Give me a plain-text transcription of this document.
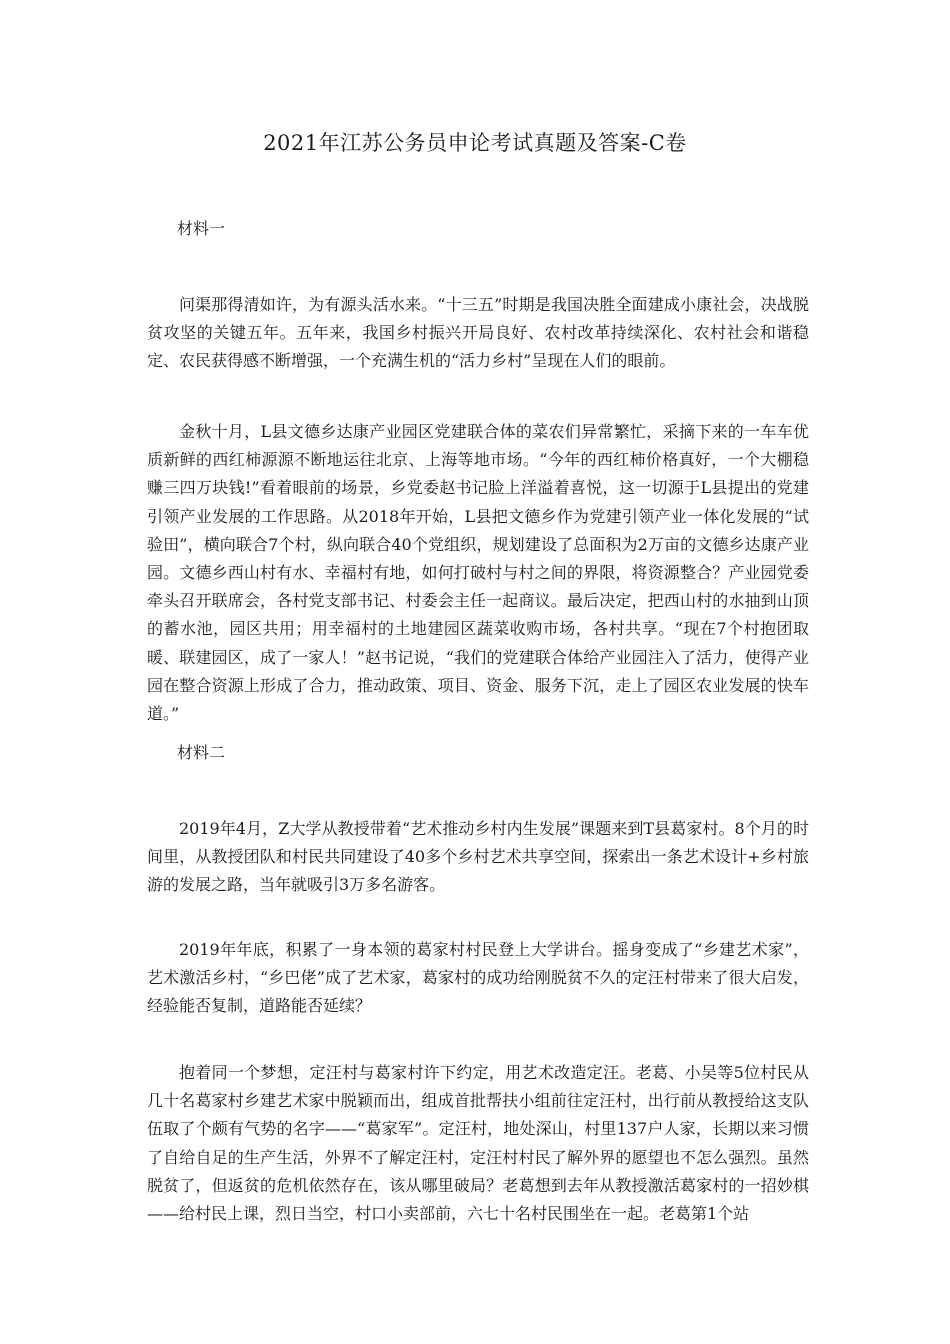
2021年江苏公务员申论考试真题及答案-C卷
材料一

问渠那得清如许，为有源头活水来。“十三五”时期是我国决胜全面建成小康社会，决战脱贫攻坚的关键五年。五年来，我国乡村振兴开局良好、农村改革持续深化、农村社会和谐稳定、农民获得感不断增强，一个充满生机的“活力乡村”呈现在人们的眼前。

金秋十月，L县文德乡达康产业园区党建联合体的菜农们异常繁忙，采摘下来的一车车优质新鲜的西红柿源源不断地运往北京、上海等地市场。“今年的西红柿价格真好，一个大棚稳赚三四万块钱!”看着眼前的场景，乡党委赵书记脸上洋溢着喜悦，这一切源于L县提出的党建引领产业发展的工作思路。从2018年开始，L县把文德乡作为党建引领产业一体化发展的“试验田”，横向联合7个村，纵向联合40个党组织，规划建设了总面积为2万亩的文德乡达康产业园。文德乡西山村有水、幸福村有地，如何打破村与村之间的界限，将资源整合？产业园党委牵头召开联席会，各村党支部书记、村委会主任一起商议。最后决定，把西山村的水抽到山顶的蓄水池，园区共用；用幸福村的土地建园区蔬菜收购市场，各村共享。“现在7个村抱团取暖、联建园区，成了一家人！”赵书记说，“我们的党建联合体给产业园注入了活力，使得产业园在整合资源上形成了合力，推动政策、项目、资金、服务下沉，走上了园区农业发展的快车道。”

材料二

2019年4月，Z大学从教授带着“艺术推动乡村内生发展”课题来到T县葛家村。8个月的时间里，从教授团队和村民共同建设了40多个乡村艺术共享空间，探索出一条艺术设计+乡村旅游的发展之路，当年就吸引3万多名游客。

2019年年底，积累了一身本领的葛家村村民登上大学讲台。摇身变成了“乡建艺术家”，艺术激活乡村，“乡巴佬”成了艺术家，葛家村的成功给刚脱贫不久的定汪村带来了很大启发，经验能否复制，道路能否延续？

抱着同一个梦想，定汪村与葛家村许下约定，用艺术改造定汪。老葛、小吴等5位村民从几十名葛家村乡建艺术家中脱颖而出，组成首批帮扶小组前往定汪村，出行前从教授给这支队伍取了个颇有气势的名字——“葛家军”。定汪村，地处深山，村里137户人家，长期以来习惯了自给自足的生产生活，外界不了解定汪村，定汪村村民了解外界的愿望也不怎么强烈。虽然脱贫了，但返贫的危机依然存在，该从哪里破局？老葛想到去年从教授激活葛家村的一招妙棋——给村民上课，烈日当空，村口小卖部前，六七十名村民围坐在一起。老葛第1个站
